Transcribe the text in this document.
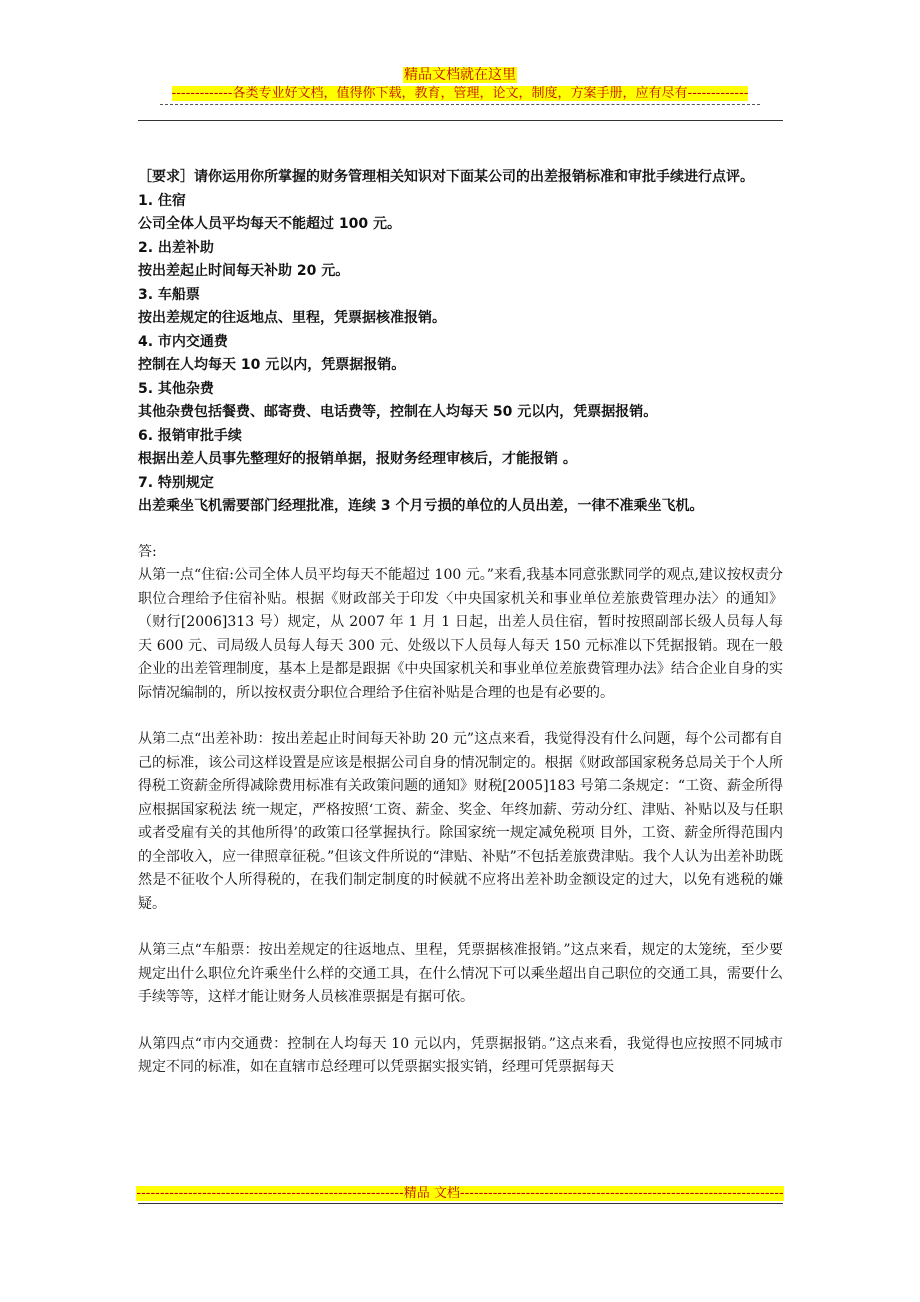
精品文档就在这里
-------------各类专业好文档，值得你下载，教育，管理，论文，制度，方案手册，应有尽有-------------

［要求］请你运用你所掌握的财务管理相关知识对下面某公司的出差报销标准和审批手续进行点评。

1. 住宿

公司全体人员平均每天不能超过 100 元。

2. 出差补助

按出差起止时间每天补助 20 元。

3. 车船票

按出差规定的往返地点、里程，凭票据核准报销。

4. 市内交通费

控制在人均每天 10 元以内，凭票据报销。

5. 其他杂费

其他杂费包括餐费、邮寄费、电话费等，控制在人均每天 50 元以内，凭票据报销。

6. 报销审批手续

根据出差人员事先整理好的报销单据，报财务经理审核后，才能报销 。

7. 特别规定

出差乘坐飞机需要部门经理批准，连续 3 个月亏损的单位的人员出差，一律不准乘坐飞机。

答:

从第一点“住宿:公司全体人员平均每天不能超过 100 元。”来看,我基本同意张默同学的观点,建议按权责分职位合理给予住宿补贴。根据《财政部关于印发〈中央国家机关和事业单位差旅费管理办法〉的通知》（财行[2006]313 号）规定，从 2007 年 1 月 1 日起，出差人员住宿，暂时按照副部长级人员每人每天 600 元、司局级人员每人每天 300 元、处级以下人员每人每天 150 元标准以下凭据报销。现在一般企业的出差管理制度，基本上是都是跟据《中央国家机关和事业单位差旅费管理办法》结合企业自身的实际情况编制的，所以按权责分职位合理给予住宿补贴是合理的也是有必要的。

从第二点“出差补助：按出差起止时间每天补助 20 元”这点来看，我觉得没有什么问题，每个公司都有自己的标准，该公司这样设置是应该是根据公司自身的情况制定的。根据《财政部国家税务总局关于个人所得税工资薪金所得减除费用标准有关政策问题的通知》财税[2005]183 号第二条规定：“工资、薪金所得应根据国家税法 统一规定，严格按照‘工资、薪金、奖金、年终加薪、劳动分红、津贴、补贴以及与任职或者受雇有关的其他所得’的政策口径掌握执行。除国家统一规定减免税项 目外，工资、薪金所得范围内的全部收入，应一律照章征税。”但该文件所说的“津贴、补贴”不包括差旅费津贴。我个人认为出差补助既然是不征收个人所得税的，在我们制定制度的时候就不应将出差补助金额设定的过大，以免有逃税的嫌疑。

从第三点“车船票：按出差规定的往返地点、里程，凭票据核准报销。”这点来看，规定的太笼统，至少要规定出什么职位允许乘坐什么样的交通工具，在什么情况下可以乘坐超出自己职位的交通工具，需要什么手续等等，这样才能让财务人员核准票据是有据可依。

从第四点“市内交通费：控制在人均每天 10 元以内，凭票据报销。”这点来看，我觉得也应按照不同城市规定不同的标准，如在直辖市总经理可以凭票据实报实销，经理可凭票据每天

---------------------------------------------------------精品 文档---------------------------------------------------------------------
